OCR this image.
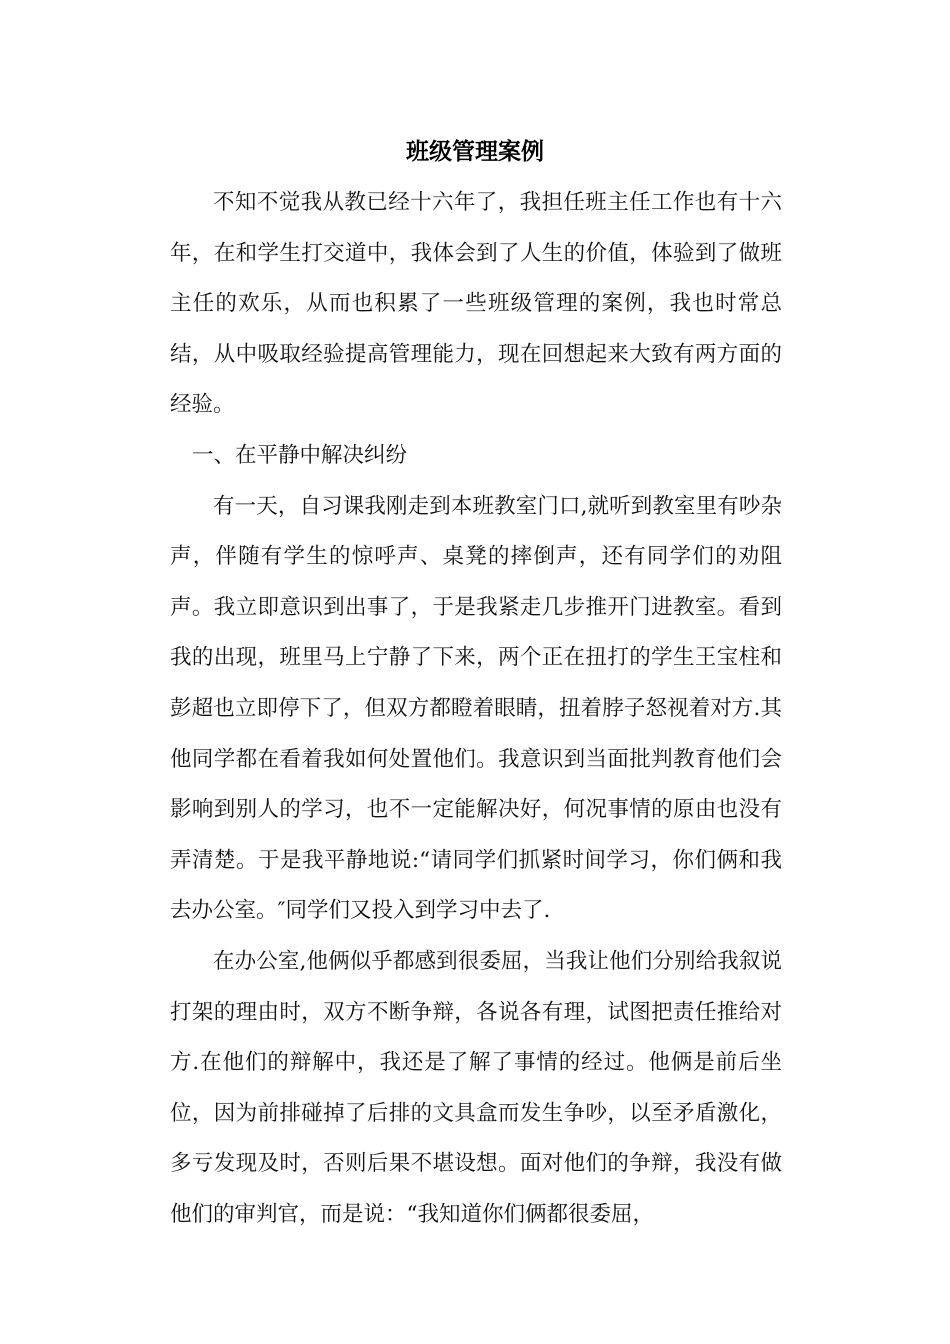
班级管理案例

不知不觉我从教已经十六年了，我担任班主任工作也有十六年，在和学生打交道中，我体会到了人生的价值，体验到了做班主任的欢乐，从而也积累了一些班级管理的案例，我也时常总结，从中吸取经验提高管理能力，现在回想起来大致有两方面的经验。

一、在平静中解决纠纷

有一天，自习课我刚走到本班教室门口,就听到教室里有吵杂声，伴随有学生的惊呼声、桌凳的摔倒声，还有同学们的劝阻声。我立即意识到出事了，于是我紧走几步推开门进教室。看到我的出现，班里马上宁静了下来，两个正在扭打的学生王宝柱和彭超也立即停下了，但双方都瞪着眼睛，扭着脖子怒视着对方.其他同学都在看着我如何处置他们。我意识到当面批判教育他们会影响到别人的学习，也不一定能解决好，何况事情的原由也没有弄清楚。于是我平静地说:“请同学们抓紧时间学习，你们俩和我去办公室。″同学们又投入到学习中去了.

在办公室,他俩似乎都感到很委屈，当我让他们分别给我叙说打架的理由时，双方不断争辩，各说各有理，试图把责任推给对方.在他们的辩解中，我还是了解了事情的经过。他俩是前后坐位，因为前排碰掉了后排的文具盒而发生争吵，以至矛盾激化，多亏发现及时，否则后果不堪设想。面对他们的争辩，我没有做他们的审判官，而是说：“我知道你们俩都很委屈，
